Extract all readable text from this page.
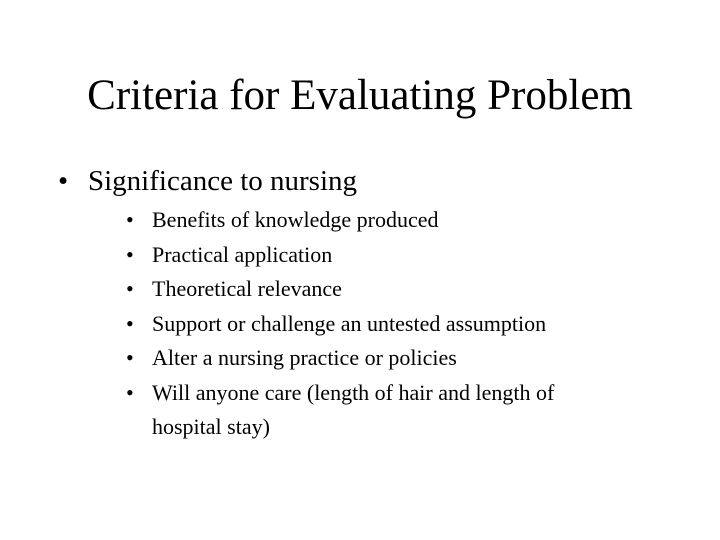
Criteria for Evaluating Problem
• Significance to nursing
• Benefits of knowledge produced
• Practical application
• Theoretical relevance
• Support or challenge an untested assumption
• Alter a nursing practice or policies
• Will anyone care (length of hair and length of hospital stay)
